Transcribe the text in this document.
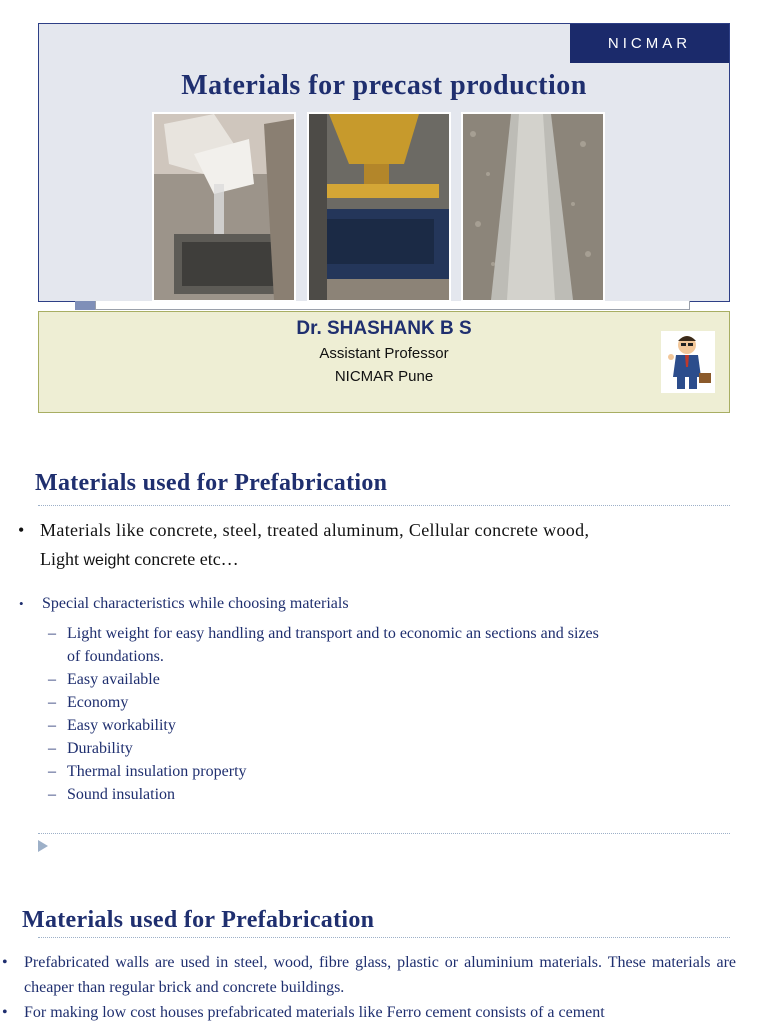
NICMAR
Materials for precast production
Dr. SHASHANK B S
Assistant Professor
NICMAR Pune
Materials used for Prefabrication
• Materials like concrete, steel, treated aluminum, Cellular concrete wood,
Light weight concrete etc…
• Special characteristics while choosing materials
– Light weight for easy handling and transport and to economic an sections and sizes
of foundations.
– Easy available
– Economy
– Easy workability
– Durability
– Thermal insulation property
– Sound insulation
Materials used for Prefabrication
• Prefabricated walls are used in steel, wood, fibre glass, plastic or aluminium materials. These materials are cheaper than regular brick and concrete buildings.
• For making low cost houses prefabricated materials like Ferro cement consists of a cement
